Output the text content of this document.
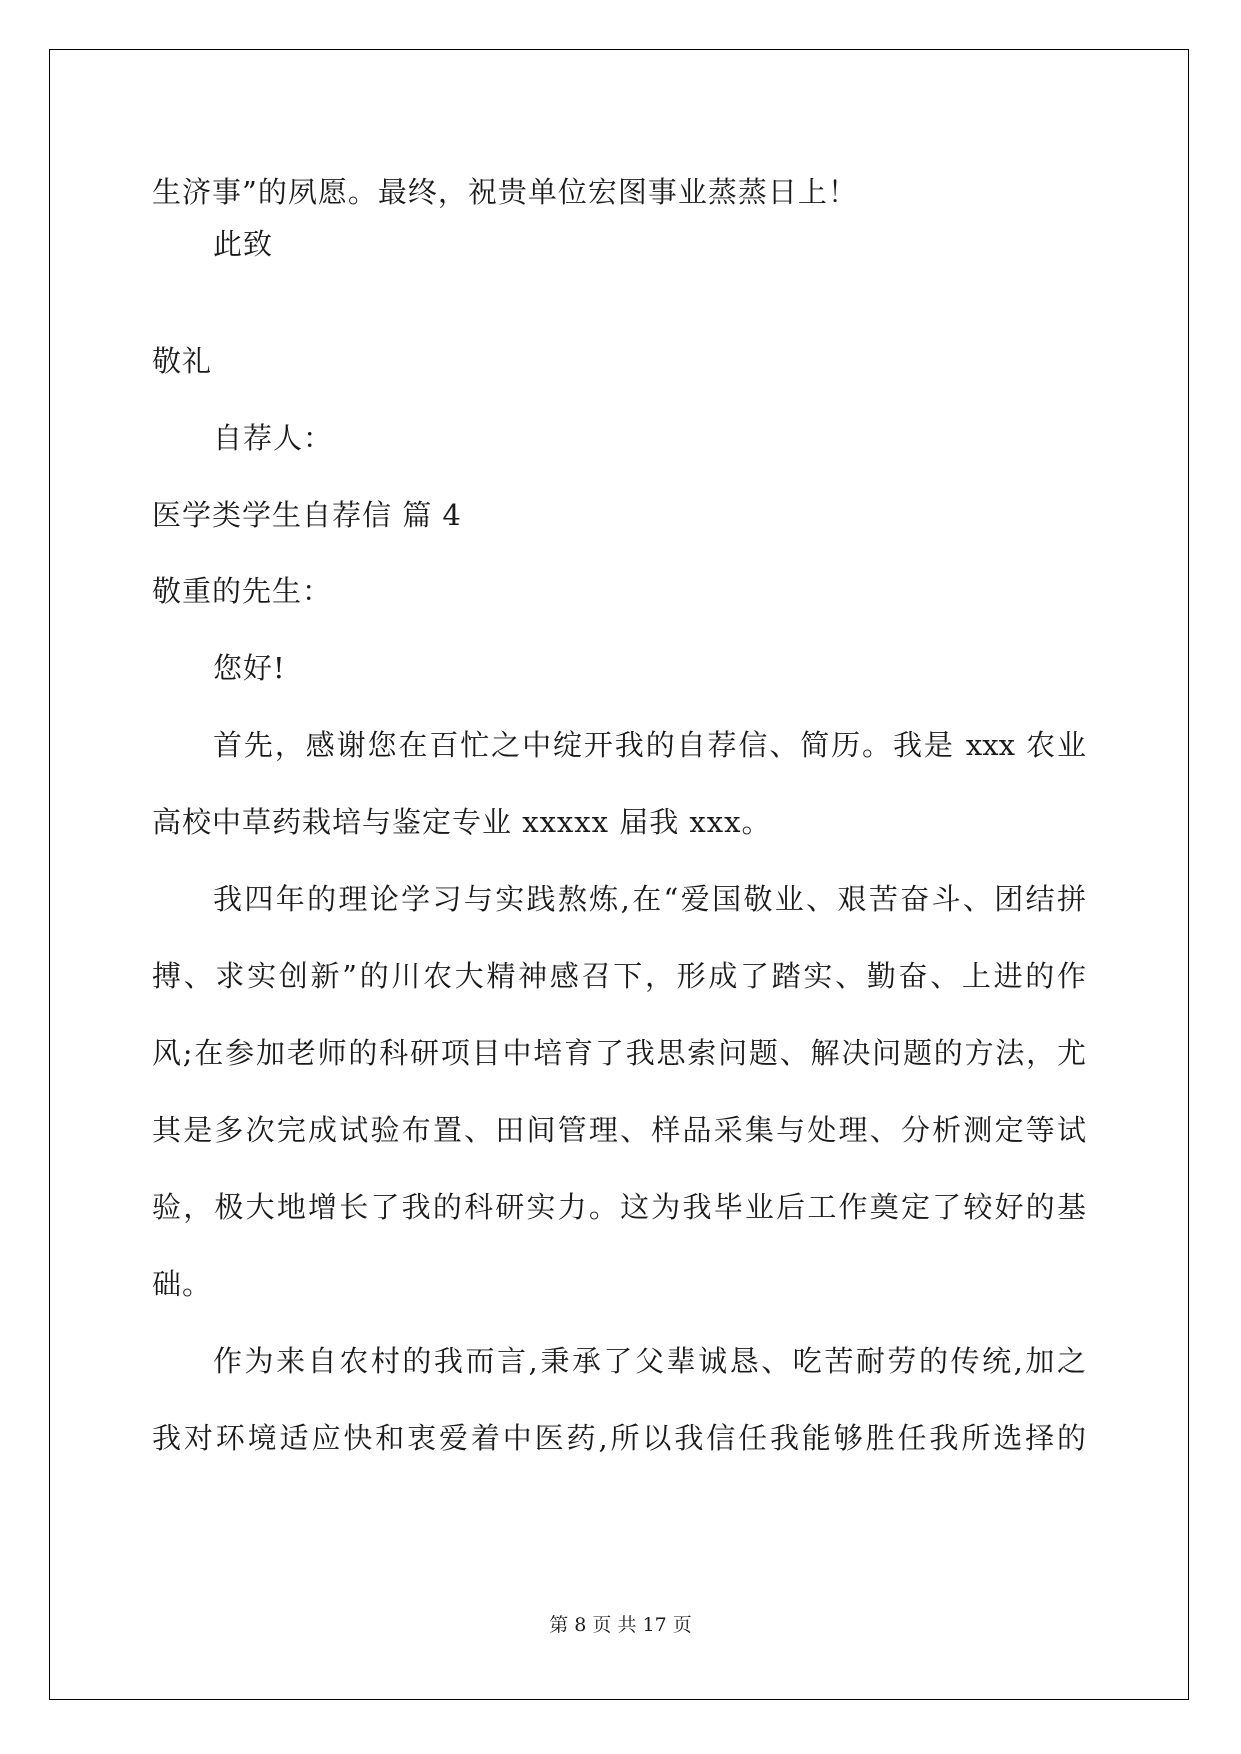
生济事”的夙愿。最终，祝贵单位宏图事业蒸蒸日上！
此致
敬礼
自荐人：
医学类学生自荐信 篇 4
敬重的先生：
您好!
首先，感谢您在百忙之中绽开我的自荐信、简历。我是 xxx 农业
高校中草药栽培与鉴定专业 xxxxx 届我 xxx。
我四年的理论学习与实践熬炼,在“爱国敬业、艰苦奋斗、团结拼
搏、求实创新”的川农大精神感召下，形成了踏实、勤奋、上进的作
风;在参加老师的科研项目中培育了我思索问题、解决问题的方法，尤
其是多次完成试验布置、田间管理、样品采集与处理、分析测定等试
验，极大地增长了我的科研实力。这为我毕业后工作奠定了较好的基
础。
作为来自农村的我而言,秉承了父辈诚恳、吃苦耐劳的传统,加之
我对环境适应快和衷爱着中医药,所以我信任我能够胜任我所选择的
第 8 页 共 17 页
